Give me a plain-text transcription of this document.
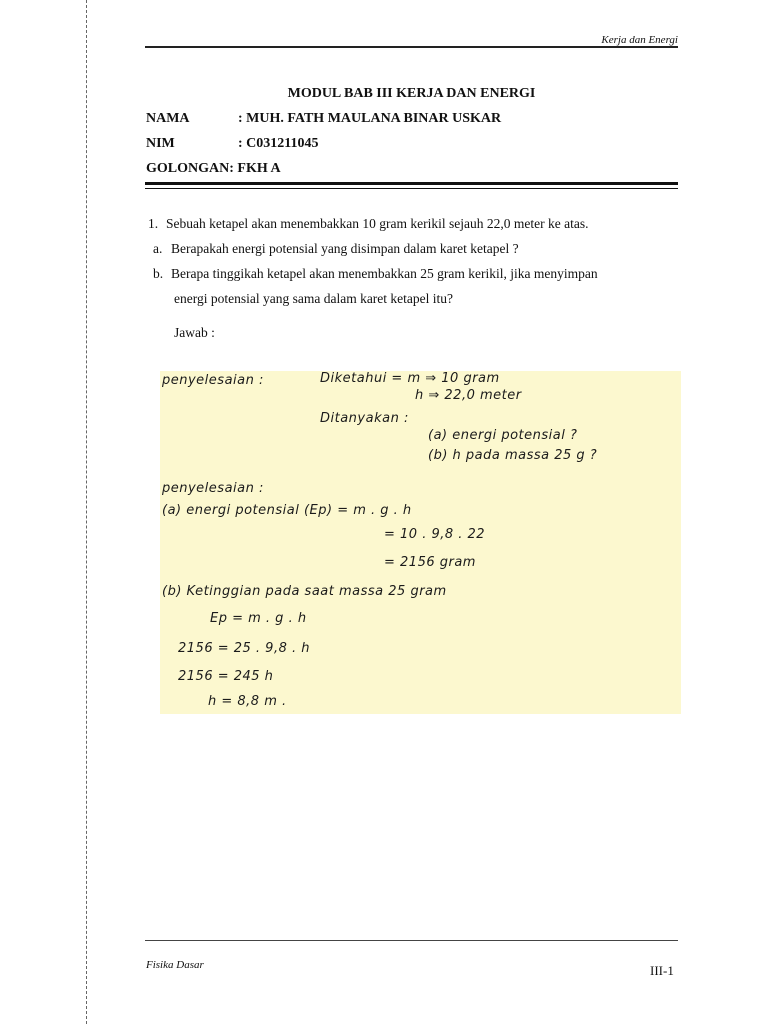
Kerja dan Energi
MODUL BAB III KERJA DAN ENERGI
NAMA	: MUH. FATH MAULANA BINAR USKAR
NIM	: C031211045
GOLONGAN: FKH A
1. Sebuah ketapel akan menembakkan 10 gram kerikil sejauh 22,0 meter ke atas.
a. Berapakah energi potensial yang disimpan dalam karet ketapel ?
b. Berapa tinggikah ketapel akan menembakkan 25 gram kerikil, jika menyimpan
energi potensial yang sama dalam karet ketapel itu?
Jawab :
penyelesaian :	Diketahui = m ⇒ 10 gram
h ⇒ 22,0 meter
Ditanyakan :
(a) energi potensial ?
(b) h pada massa 25 g ?
penyelesaian :
(a) energi potensial (Ep) = m . g . h
= 10 . 9,8 . 22
= 2156 gram
(b) Ketinggian pada saat massa 25 gram
Ep = m . g . h
2156 = 25 . 9,8 . h
2156 = 245 h
h = 8,8 m .
Fisika Dasar	III-1
